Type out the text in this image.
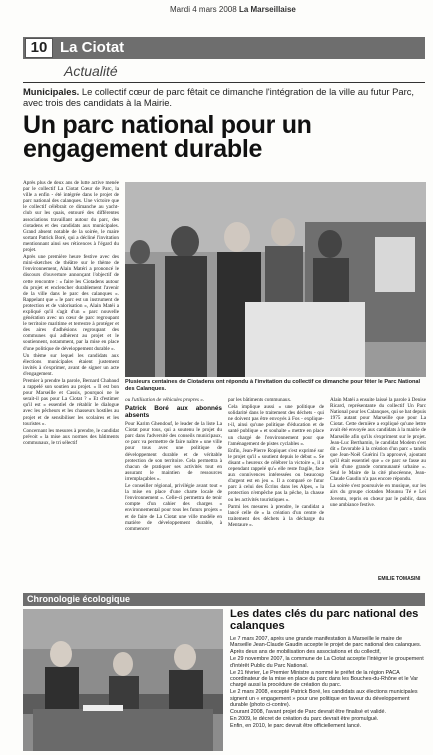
Mardi 4 mars 2008 La Marseillaise
10 La Ciotat
Actualité
Municipales. Le collectif cœur de parc fêtait ce dimanche l'intégration de la ville au futur Parc, avec trois des candidats à la Mairie.
Un parc national pour un engagement durable

Après plus de deux ans de lutte active menée par le collectif La Ciotat Cœur de Parc, la ville a enfin - été intégrée dans le projet de parc national des calanques. Une victoire que le collectif célébrait ce dimanche au yacht-club sur les quais, entouré des différentes associations travaillant autour du parc, des ciotadens et des candidats aux municipales. Grand absent notable de la soirée, le maire sortant Patrick Boré, qui a décliné l'invitation mentionnant ainsi ses réticences à l'égard du projet.

Après une première heure festive avec des mini-sketches de théâtre sur le thème de l'environnement, Alain Matéri a prononcé le discours d'ouverture annonçant l'objectif de cette rencontre : « faire les Ciotadens autour du projet et enclencher durablement l'avenir de la ville dans le parc des calanques ». Rappelant que « le parc est un instrument de protection et de valorisation », Alain Matéi a expliqué qu'il s'agit d'un « parc nouvelle génération avec un cœur de parc regroupant le territoire maritime et terrestre à protéger et des aires d'adhésions regroupant des communes qui adhèrent au projet et le soutiennent, notamment, par la mise en place d'une politique de développement durable ».

Un thème sur lequel les candidats aux élections municipales étaient justement invités à s'exprimer, avant de signer un acte d'engagement.

Premier à prendre la parole, Bernard Chabaud a rappelé son soutien au projet. « Il est bon pour Marseille et Cassis, pourquoi ne le serait-il pas pour La Ciotat ? » Et d'estimer qu'il est « essentiel de rétablir le dialogue avec les pêcheurs et les chasseurs hostiles au projet et de sensibiliser les scolaires et les touristes ».

Concernant les mesures à prendre, le candidat prévoit « la mise aux normes des bâtiments communaux, le tri sélectif

Plusieurs centaines de Ciotadens ont répondu à l'invitation du collectif ce dimanche pour fêter le Parc National des Calanques.

ou l'utilisation de véhicules propres ».

Patrick Boré aux abonnés absents

Pour Karim Ghendouf, le leader de la liste La Ciotat pour tous, qui a soutenu le projet du parc dans l'adversité des conseils municipaux, ce parc va permettre de faire naître « une ville pour tous avec une politique de développement durable et de véritable protection de son territoire. Cela permettra à chacun de pratiquer ses activités tout en assurant le maintien de ressources irremplaçables ».

Le conseiller régional, privilégie avant tout « la mise en place d'une charte locale de l'environnement ». Celle-ci permettra de tenir compte d'un cahier des charges « environnemental pour tous les futurs projets » et de faire de La Ciotat une ville modèle en matière de développement durable, à commencer

par les bâtiments communaux.

Cela implique aussi « une politique de solidarité dans le traitement des déchets - qui ne doivent pas être envoyés à Fos - explique-t-il, ainsi qu'une politique d'éducation et de santé publique » et souhaite « mettre en place un chargé de l'environnement pour que l'aménagement de pistes cyclables ».

Enfin, Jean-Pierre Ropiquet s'est exprimé sur le projet qu'il « soutient depuis le début ». Se disant « heureux de célébrer la victoire », il a cependant rappelé qu'« elle reste fragile, face aux connivences intéressées ou beaucoup d'argent est en jeu ». Il a comparé ce futur parc à celui des Écrins dans les Alpes, « la protection n'empêche pas la pêche, la chasse ou les activités touristiques ».

Parmi les mesures à prendre, le candidat a lancé celle de « la création d'un centre de traitement des déchets à la décharge du Mentaure ».

Alain Matéi a ensuite laissé la parole à Denise Ricard, représentante du collectif Un Parc National pour les Calanques, qui se bat depuis 1975 autant pour Marseille que pour La Ciotat. Cette dernière a expliqué qu'une lettre avait été envoyée aux candidats à la mairie de Marseille afin qu'ils s'expriment sur le projet. Jean-Luc Berthamin, le candidat Modem s'est dit « favorable à la création d'un parc » tandis que Jean-Noël Guérini l'a approuvé, ajoutant qu'il était essentiel que « ce parc se fasse au sein d'une grande communauté urbaine ». Seul le Maire de la cité phocéenne, Jean-Claude Gaudin n'a pas encore répondu.

La soirée s'est poursuivie en musique, sur les airs du groupe ciotaden Mounsu Té e Lei Joventu, repris en chœur par le public, dans une ambiance festive.

EMILIE TOMASINI
Chronologie écologique
Les dates clés du parc national des calanques

Le 7 mars 2007, après une grande manifestation à Marseille le maire de Marseille Jean-Claude Gaudin accepte le projet de parc national des calanques.

Après deux ans de mobilisation des associations et du collectif,

Le 29 novembre 2007, la commune de La Ciotat accepte l'intégrer le groupement d'intérêt Public du Parc National.

Le 21 février, Le Premier Ministre a nommé le préfet de la région PACA coordinateur de la mise en place du parc dans les Bouches-du-Rhône et le Var chargé aussi la procédure de création du parc.

Le 2 mars 2008, excepté Patrick Boré, les candidats aux élections municipales signent un « engagement » pour une politique en faveur du développement durable (photo ci-contre).

Courant 2008, l'avant projet de Parc devrait être finalisé et validé.

En 2009, le décret de création du parc devrait être promulgué.

Enfin, en 2010, le parc devrait être officiellement lancé.
